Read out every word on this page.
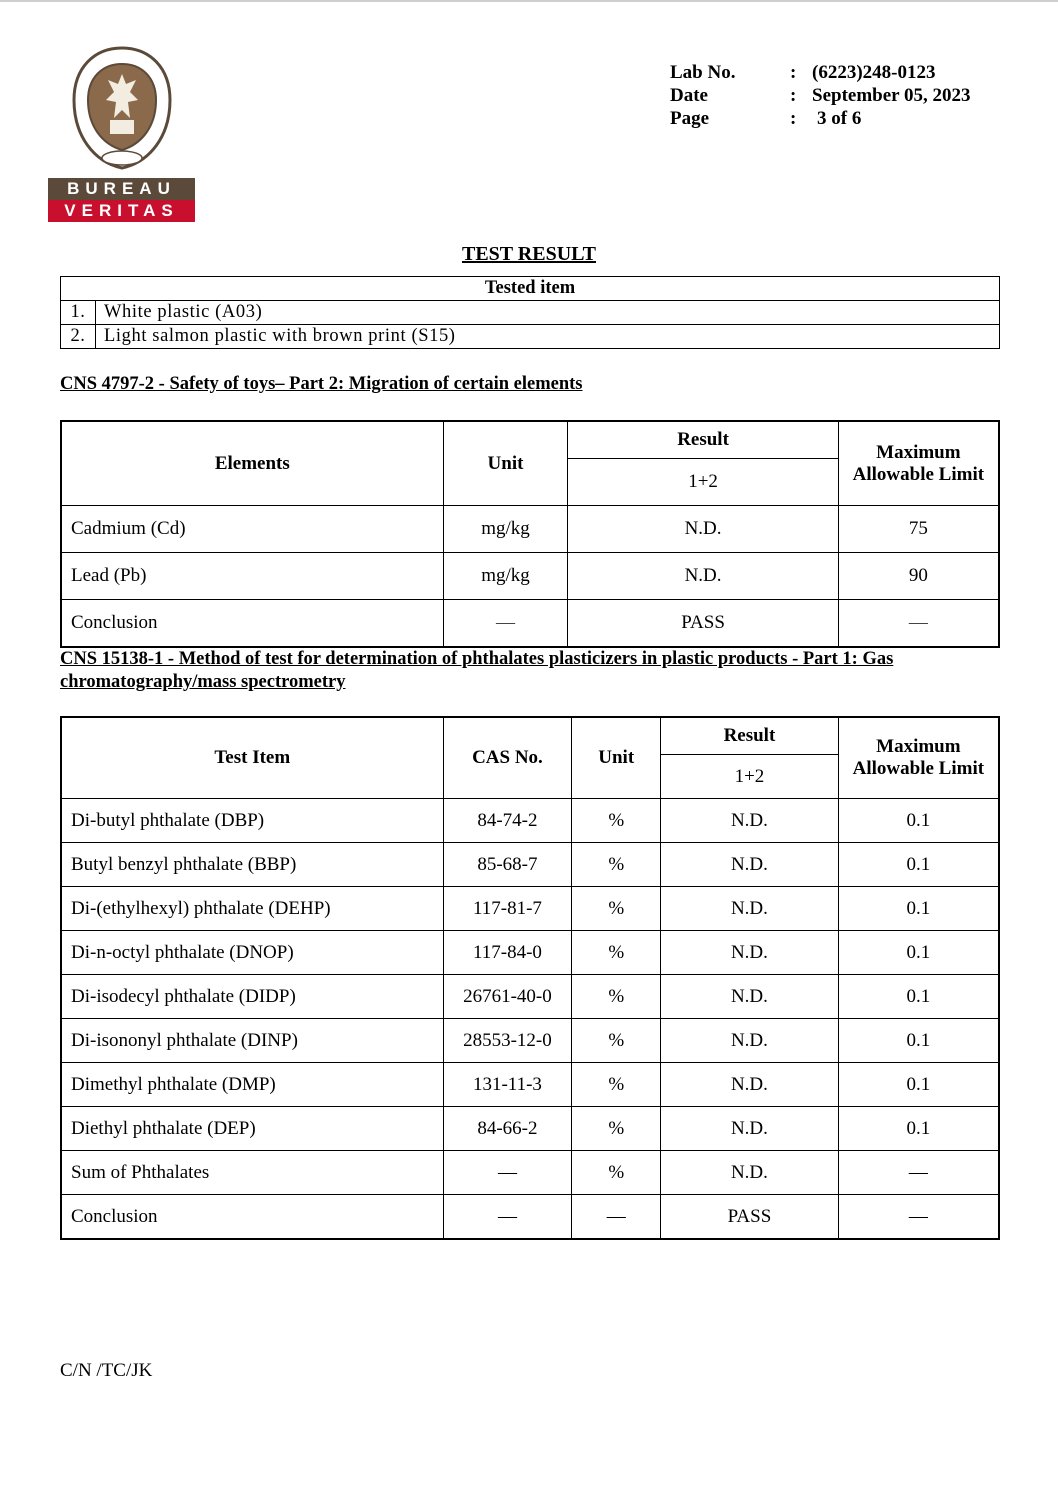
BUREAU
VERITAS
Lab No.	: (6223)248-0123
Date	: September 05, 2023
Page	:	3 of 6
TEST RESULT
Tested item	
1.	White plastic (A03)
2.	Light salmon plastic with brown print (S15)
CNS 4797-2 - Safety of toys– Part 2: Migration of certain elements
Elements	Unit	Result	Maximum
Allowable Limit
		1+2	
Cadmium (Cd)	mg/kg	N.D.	75
Lead (Pb)	mg/kg	N.D.	90
Conclusion	—	PASS	—
CNS 15138-1 - Method of test for determination of phthalates plasticizers in plastic products - Part 1: Gas chromatography/mass spectrometry
Test Item	CAS No.	Unit	Result	Maximum
Allowable Limit
			1+2	
Di-butyl phthalate (DBP)	84-74-2	%	N.D.	0.1
Butyl benzyl phthalate (BBP)	85-68-7	%	N.D.	0.1
Di-(ethylhexyl) phthalate (DEHP)	117-81-7	%	N.D.	0.1
Di-n-octyl phthalate (DNOP)	117-84-0	%	N.D.	0.1
Di-isodecyl phthalate (DIDP)	26761-40-0	%	N.D.	0.1
Di-isononyl phthalate (DINP)	28553-12-0	%	N.D.	0.1
Dimethyl phthalate (DMP)	131-11-3	%	N.D.	0.1
Diethyl phthalate (DEP)	84-66-2	%	N.D.	0.1
Sum of Phthalates	—	%	N.D.	—
Conclusion	—	—	PASS	—
C/N /TC/JK
